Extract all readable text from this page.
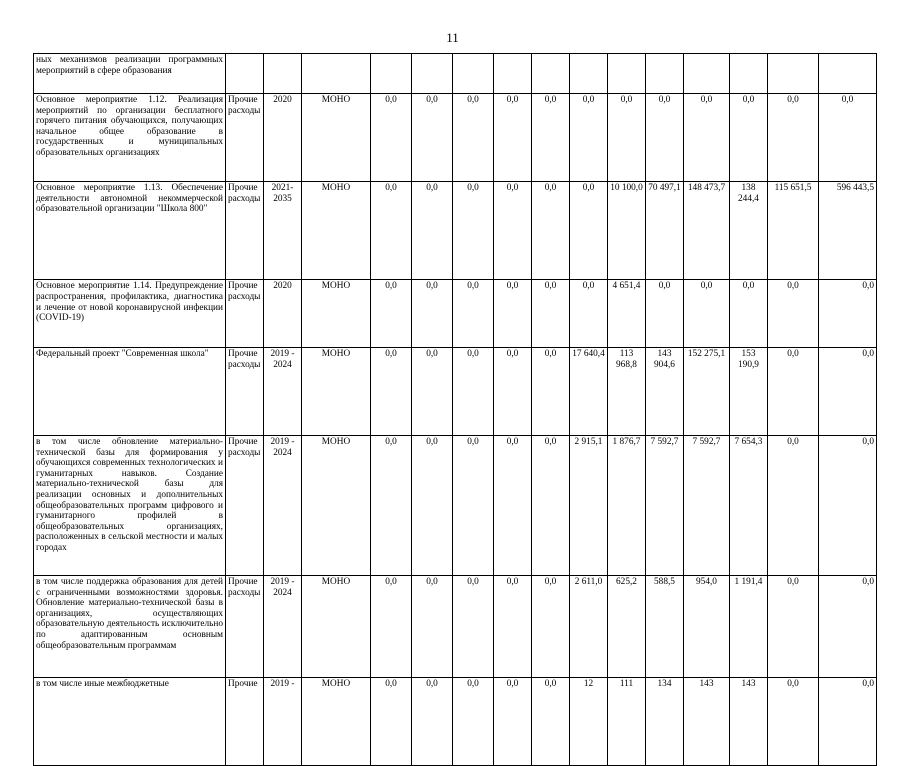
11
ных механизмов реализации программных мероприятий в сфере образования																
Основное мероприятие 1.12. Реализация мероприятий по организации бесплатного горячего питания обучающихся, получающих начальное общее образование в государственных и муниципальных образовательных организациях	Прочие расходы	2020	МОНО	0,0	0,0	0,0	0,0	0,0	0,0	0,0	0,0	0,0	0,0	0,0	0,0	
Основное мероприятие 1.13. Обеспечение деятельности автономной некоммерческой образовательной организации "Школа 800"	Прочие расходы	2021-2035	МОНО	0,0	0,0	0,0	0,0	0,0	0,0	10 100,0	70 497,1	148 473,7	138 244,4	115 651,5	596 443,5	
Основное мероприятие 1.14. Предупреждение распространения, профилактика, диагностика и лечение от новой коронавирусной инфекции (COVID-19)	Прочие расходы	2020	МОНО	0,0	0,0	0,0	0,0	0,0	0,0	4 651,4	0,0	0,0	0,0	0,0	0,0	
Федеральный проект "Современная школа"	Прочие расходы	2019 - 2024	МОНО	0,0	0,0	0,0	0,0	0,0	17 640,4	113 968,8	143 904,6	152 275,1	153 190,9	0,0	0,0	
в том числе обновление материально-технической базы для формирования у обучающихся современных технологических и гуманитарных навыков. Создание материально-технической базы для реализации основных и дополнительных общеобразовательных программ цифрового и гуманитарного профилей в общеобразовательных организациях, расположенных в сельской местности и малых городах	Прочие расходы	2019 - 2024	МОНО	0,0	0,0	0,0	0,0	0,0	2 915,1	1 876,7	7 592,7	7 592,7	7 654,3	0,0	0,0	
в том числе поддержка образования для детей с ограниченными возможностями здоровья. Обновление материально-технической базы в организациях, осуществляющих образовательную деятельность исключительно по адаптированным основным общеобразовательным программам	Прочие расходы	2019 - 2024	МОНО	0,0	0,0	0,0	0,0	0,0	2 611,0	625,2	588,5	954,0	1 191,4	0,0	0,0	
в том числе иные межбюджетные	Прочие	2019 -	МОНО	0,0	0,0	0,0	0,0	0,0	12	111	134	143	143	0,0	0,0	
